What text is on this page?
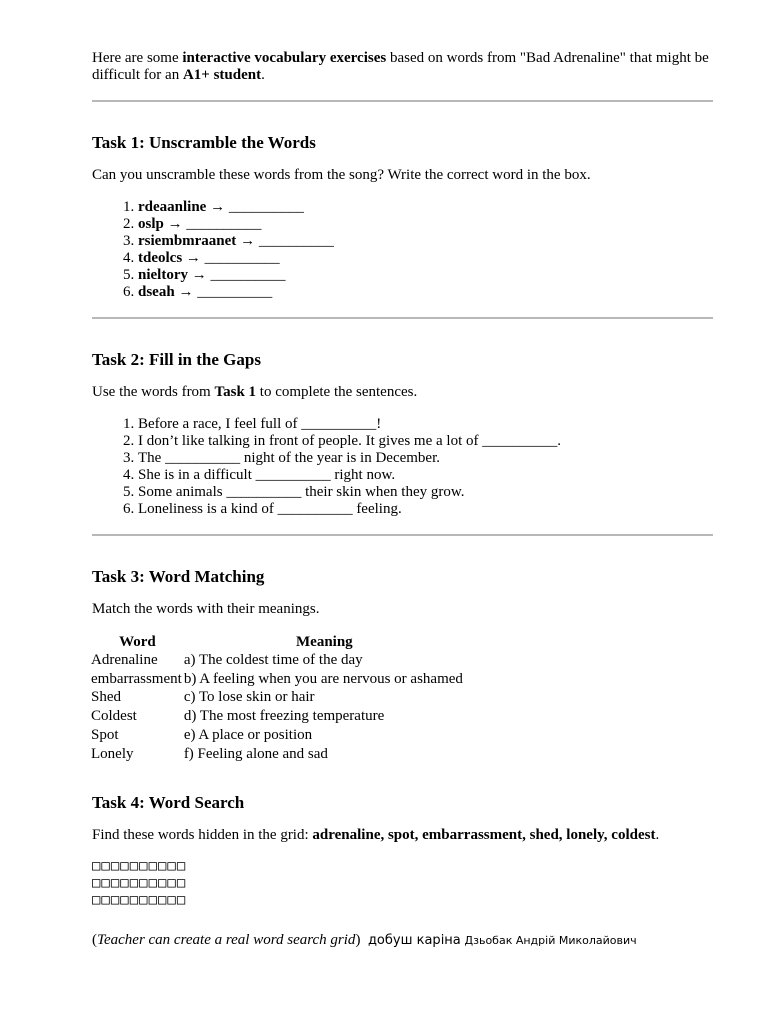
Here are some interactive vocabulary exercises based on words from "Bad Adrenaline" that might be difficult for an A1+ student.

Task 1: Unscramble the Words

Can you unscramble these words from the song? Write the correct word in the box.

1. rdeaanline → __________
2. oslp → __________
3. rsiembmraanet → __________
4. tdeolcs → __________
5. nieltory → __________
6. dseah → __________
Task 2: Fill in the Gaps

Use the words from Task 1 to complete the sentences.

1. Before a race, I feel full of __________!
2. I don’t like talking in front of people. It gives me a lot of __________.
3. The __________ night of the year is in December.
4. She is in a difficult __________ right now.
5. Some animals __________ their skin when they grow.
6. Loneliness is a kind of __________ feeling.
Task 3: Word Matching

Match the words with their meanings.

Word	Meaning
Adrenaline	a) The coldest time of the day
embarrassment	b) A feeling when you are nervous or ashamed
Shed	c) To lose skin or hair
Coldest	d) The most freezing temperature
Spot	e) A place or position
Lonely	f) Feeling alone and sad
Task 4: Word Search

Find these words hidden in the grid: adrenaline, spot, embarrassment, shed, lonely, coldest.

□□□□□□□□□□
□□□□□□□□□□
□□□□□□□□□□

(Teacher can create a real word search grid) добуш каріна Дзьобак Андрій Миколайович
